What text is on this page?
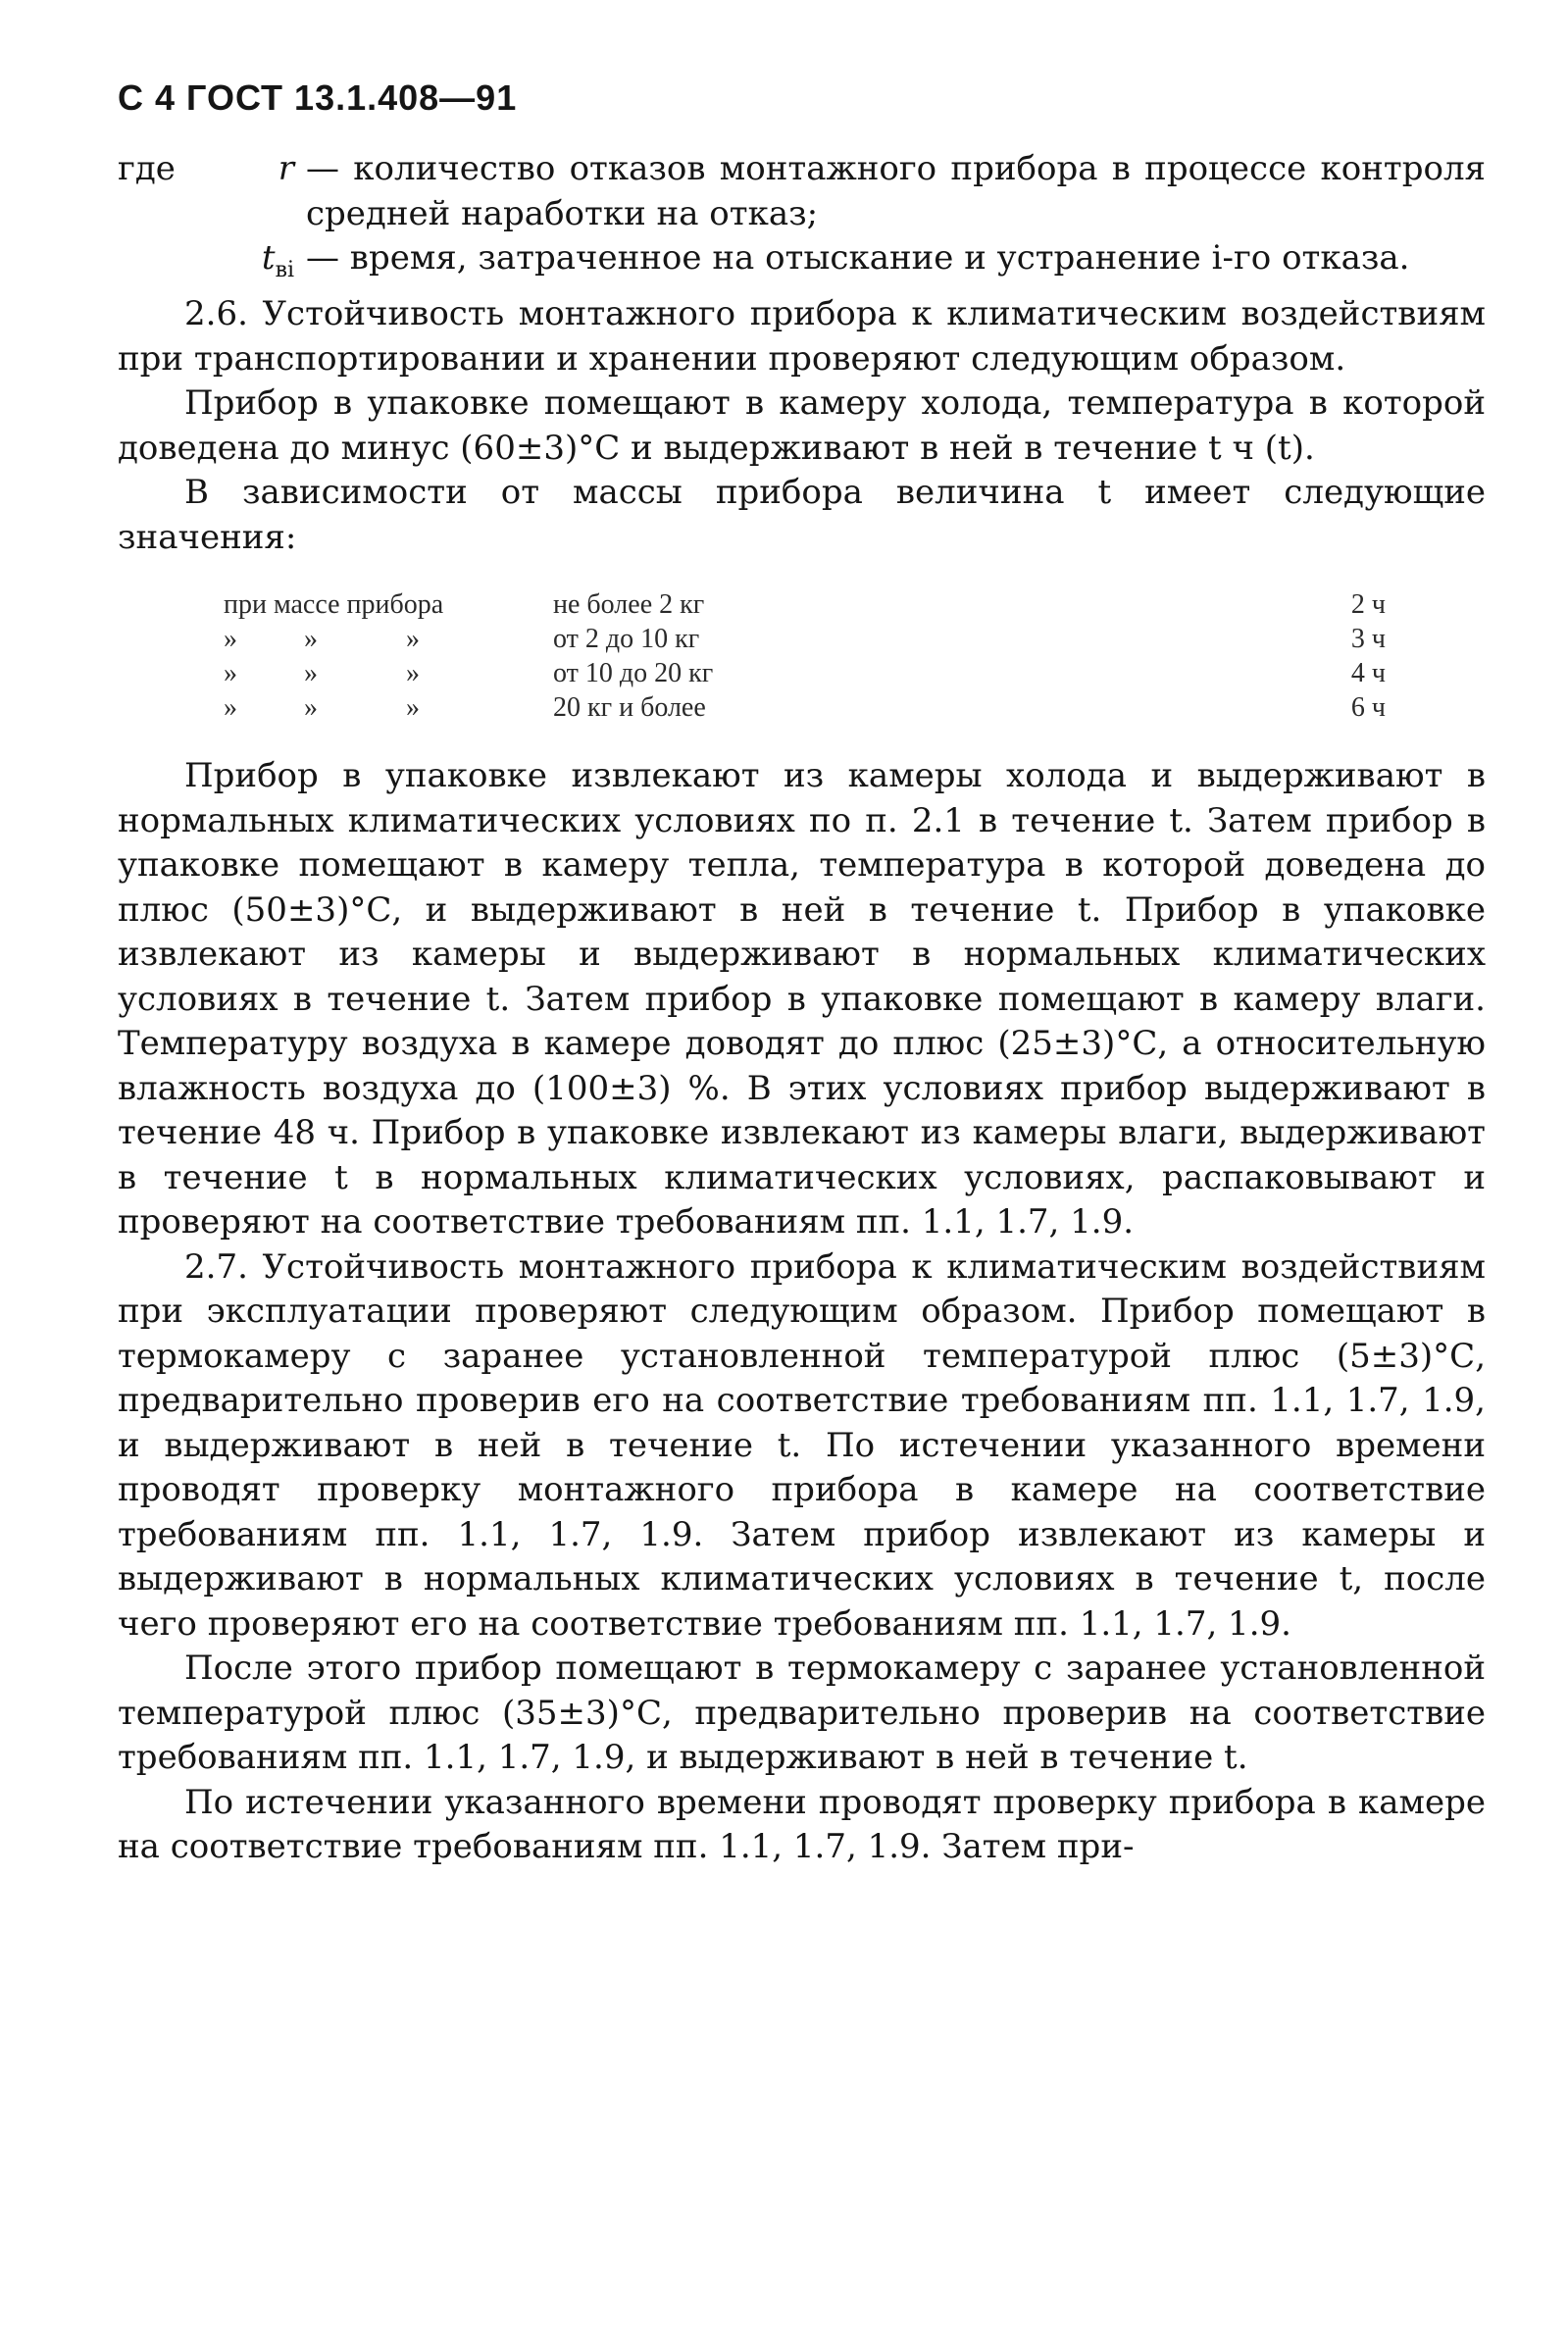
С 4 ГОСТ 13.1.408—91
где	r — количество отказов монтажного прибора в процессе контроля средней наработки на отказ;
$t_{вi}$ — время, затраченное на отыскание и устранение i-го отказа.

2.6. Устойчивость монтажного прибора к климатическим воздействиям при транспортировании и хранении проверяют следующим образом.

Прибор в упаковке помещают в камеру холода, температура в которой доведена до минус (60±3)°С и выдерживают в ней в течение t ч (t).

В зависимости от массы прибора величина t имеет следующие значения:

при массе прибора	не более 2 кг	2 ч
»	»	»	от 2 до 10 кг	3 ч
»	»	»	от 10 до 20 кг	4 ч
»	»	»	20 кг и более	6 ч

Прибор в упаковке извлекают из камеры холода и выдерживают в нормальных климатических условиях по п. 2.1 в течение t. Затем прибор в упаковке помещают в камеру тепла, температура в которой доведена до плюс (50±3)°С, и выдерживают в ней в течение t. Прибор в упаковке извлекают из камеры и выдерживают в нормальных климатических условиях в течение t. Затем прибор в упаковке помещают в камеру влаги. Температуру воздуха в камере доводят до плюс (25±3)°С, а относительную влажность воздуха до (100±3) %. В этих условиях прибор выдерживают в течение 48 ч. Прибор в упаковке извлекают из камеры влаги, выдерживают в течение t в нормальных климатических условиях, распаковывают и проверяют на соответствие требованиям пп. 1.1, 1.7, 1.9.

2.7. Устойчивость монтажного прибора к климатическим воздействиям при эксплуатации проверяют следующим образом. Прибор помещают в термокамеру с заранее установленной температурой плюс (5±3)°С, предварительно проверив его на соответствие требованиям пп. 1.1, 1.7, 1.9, и выдерживают в ней в течение t. По истечении указанного времени проводят проверку монтажного прибора в камере на соответствие требованиям пп. 1.1, 1.7, 1.9. Затем прибор извлекают из камеры и выдерживают в нормальных климатических условиях в течение t, после чего проверяют его на соответствие требованиям пп. 1.1, 1.7, 1.9.

После этого прибор помещают в термокамеру с заранее установленной температурой плюс (35±3)°С, предварительно проверив на соответствие требованиям пп. 1.1, 1.7, 1.9, и выдерживают в ней в течение t.

По истечении указанного времени проводят проверку прибора в камере на соответствие требованиям пп. 1.1, 1.7, 1.9. Затем при-
